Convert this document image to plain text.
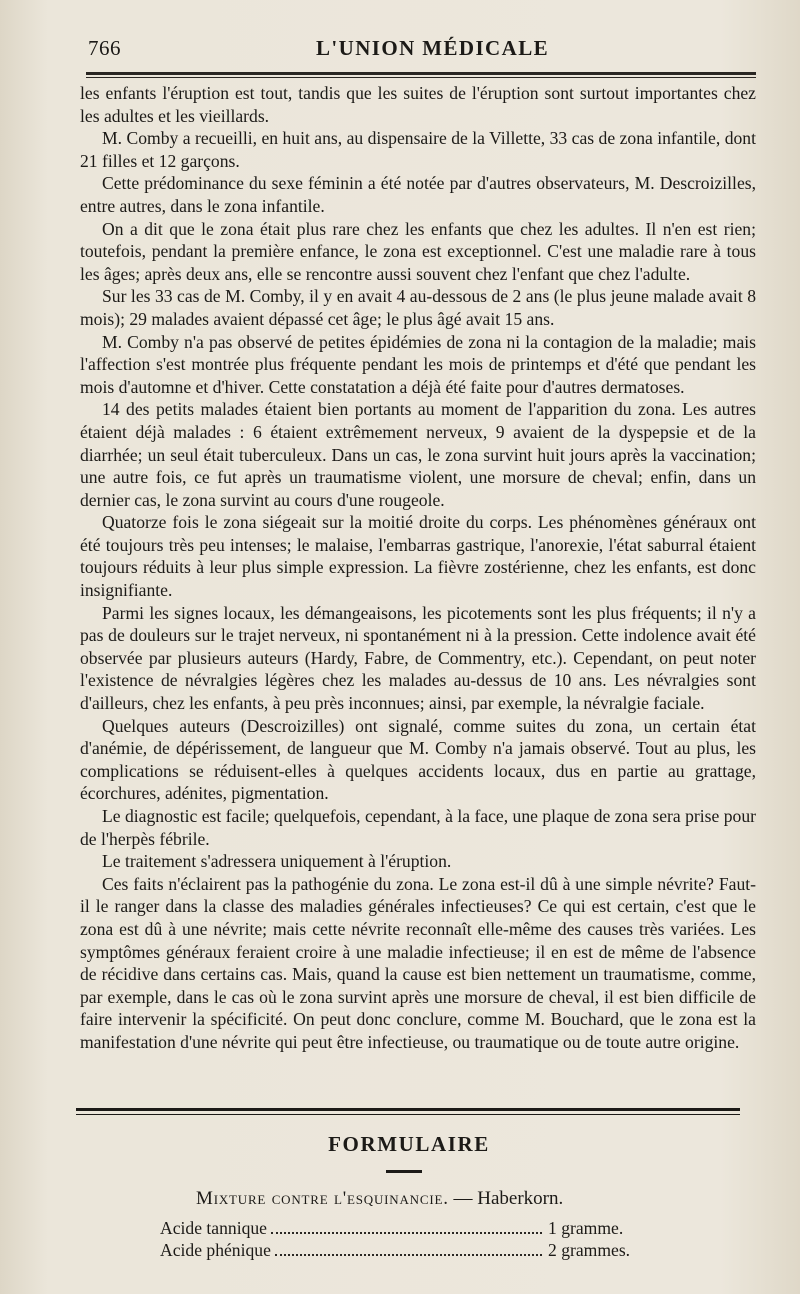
766	L'UNION MÉDICALE

les enfants l'éruption est tout, tandis que les suites de l'éruption sont surtout importantes chez les adultes et les vieillards.

M. Comby a recueilli, en huit ans, au dispensaire de la Villette, 33 cas de zona infantile, dont 21 filles et 12 garçons.

Cette prédominance du sexe féminin a été notée par d'autres observateurs, M. Descroizilles, entre autres, dans le zona infantile.

On a dit que le zona était plus rare chez les enfants que chez les adultes. Il n'en est rien; toutefois, pendant la première enfance, le zona est exceptionnel. C'est une maladie rare à tous les âges; après deux ans, elle se rencontre aussi souvent chez l'enfant que chez l'adulte.

Sur les 33 cas de M. Comby, il y en avait 4 au-dessous de 2 ans (le plus jeune malade avait 8 mois); 29 malades avaient dépassé cet âge; le plus âgé avait 15 ans.

M. Comby n'a pas observé de petites épidémies de zona ni la contagion de la maladie; mais l'affection s'est montrée plus fréquente pendant les mois de printemps et d'été que pendant les mois d'automne et d'hiver. Cette constatation a déjà été faite pour d'autres dermatoses.

14 des petits malades étaient bien portants au moment de l'apparition du zona. Les autres étaient déjà malades : 6 étaient extrêmement nerveux, 9 avaient de la dyspepsie et de la diarrhée; un seul était tuberculeux. Dans un cas, le zona survint huit jours après la vaccination; une autre fois, ce fut après un traumatisme violent, une morsure de cheval; enfin, dans un dernier cas, le zona survint au cours d'une rougeole.

Quatorze fois le zona siégeait sur la moitié droite du corps. Les phénomènes généraux ont été toujours très peu intenses; le malaise, l'embarras gastrique, l'anorexie, l'état saburral étaient toujours réduits à leur plus simple expression. La fièvre zostérienne, chez les enfants, est donc insignifiante.

Parmi les signes locaux, les démangeaisons, les picotements sont les plus fréquents; il n'y a pas de douleurs sur le trajet nerveux, ni spontanément ni à la pression. Cette indolence avait été observée par plusieurs auteurs (Hardy, Fabre, de Commentry, etc.). Cependant, on peut noter l'existence de névralgies légères chez les malades au-dessus de 10 ans. Les névralgies sont d'ailleurs, chez les enfants, à peu près inconnues; ainsi, par exemple, la névralgie faciale.

Quelques auteurs (Descroizilles) ont signalé, comme suites du zona, un certain état d'anémie, de dépérissement, de langueur que M. Comby n'a jamais observé. Tout au plus, les complications se réduisent-elles à quelques accidents locaux, dus en partie au grattage, écorchures, adénites, pigmentation.

Le diagnostic est facile; quelquefois, cependant, à la face, une plaque de zona sera prise pour de l'herpès fébrile.

Le traitement s'adressera uniquement à l'éruption.

Ces faits n'éclairent pas la pathogénie du zona. Le zona est-il dû à une simple névrite? Faut-il le ranger dans la classe des maladies générales infectieuses? Ce qui est certain, c'est que le zona est dû à une névrite; mais cette névrite reconnaît elle-même des causes très variées. Les symptômes généraux feraient croire à une maladie infectieuse; il en est de même de l'absence de récidive dans certains cas. Mais, quand la cause est bien nettement un traumatisme, comme, par exemple, dans le cas où le zona survint après une morsure de cheval, il est bien difficile de faire intervenir la spécificité. On peut donc conclure, comme M. Bouchard, que le zona est la manifestation d'une névrite qui peut être infectieuse, ou traumatique ou de toute autre origine.

FORMULAIRE
Mixture contre l'esquinancie. — Haberkorn.
Acide tannique	1 gramme.
Acide phénique	2 grammes.
